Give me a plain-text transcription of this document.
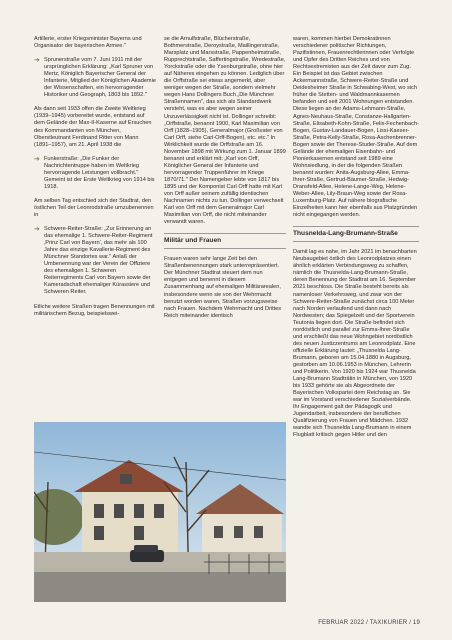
Artillerie, erster Kriegsminister Bayerns und Organisator der bayerischen Armee."

➔ Sprunerstraße vom 7. Juni 1911 mit der ursprünglichen Erklärung: „Karl Spruner von Mertz, Königlich Bayerischer General der Infanterie, Mitglied der Königlichen Akademie der Wissenschaften, ein hervorragender Historiker und Geograph, 1803 bis 1892."

Als dann seit 1933 offen die Zweite Weltkrieg (1939–1945) vorbereitet wurde, entstand auf dem Gelände der Max-II-Kaserne auf Ersuchen des Kommandanten von München, Oberstleutnant Ferdinand Ritter von Mann (1891–1957), am 21. April 1938 die

➔ Funkerstraße: „Die Funker der Nachrichtentruppe haben im Weltkrieg hervorragende Leistungen vollbracht." Gemeint ist der Erste Weltkrieg von 1914 bis 1918.

Am selben Tag entschied sich der Stadtrat, den östlichen Teil der Leonrodstraße umzubenennen in

➔ Schwere-Reiter-Straße: „Zur Erinnerung an das ehemalige 1. Schwere-Reiter-Regiment ‚Prinz Carl von Bayern', das mehr als 100 Jahre das einzige Kavallerie-Regiment des Münchner Standortes war." Anlaß der Umbenennung war der Verein der Offiziere des ehemaligen 1. Schweren Reiterregiments Carl von Bayern sowie der Kameradschaft ehemaliger Kürassiere und Schweren Reiter.

Etliche weitere Straßen tragen Benennungen mit militärischem Bezug, beispielswei-

se die Arnulfstraße, Blücherstraße, Bothmerstraße, Deroystraße, Maillingerstraße, Marsplatz und Marsstraße, Pappenheimstraße, Rupprechtstraße, Saffertingstraße, Wredestraße, Yorckstraße oder die Ysenburgstraße, ohne hier auf Näheres eingehen zu können. Lediglich über die Orffstraße sei etwas angemerkt, aber weniger wegen der Straße, sondern vielmehr wegen Hans Dollingers Buch „Die Münchner Straßennamen", das sich als Standardwerk versteht, was es aber wegen seiner Unzuverlässigkeit nicht ist. Dollinger schreibt: „Orffstraße, benannt 1900, Karl Maximilian von Orff (1828–1905), Generalmajor (Großvater von Carl Orff, siehe Carl-Orff-Bogen), etc. etc." In Wirklichkeit wurde die Orffstraße am 16. November 1898 mit Wirkung zum 1. Januar 1899 benannt und erklärt mit: „Karl von Orff, Königlicher General der Infanterie und hervorragender Truppenführer im Kriege 1870/71." Der Namengeber lebte von 1817 bis 1895 und der Komponist Carl Orff hatte mit Karl von Orff außer seinem zufällig identischen Nachnamen nichts zu tun. Dollinger verwechselt Karl von Orff mit dem Generalmajor Carl Maximilian von Orff, die nicht miteinander verwandt waren.

Militär und Frauen

Frauen waren sehr lange Zeit bei den Straßenbenennungen stark unterrepräsentiert. Der Münchner Stadtrat steuert dem nun entgegen und benennt in diesem Zusammenhang auf ehemaligen Militärarealen, insbesondere wenn sie von der Wehrmacht benutzt worden waren, Straßen vorzugsweise nach Frauen. Nachdem Wehrmacht und Drittes Reich miteinander identisch

waren, kommen hierbei Demokratinnen verschiedener politischer Richtungen, Pazifistinnen, Frauenrechtlerinnen oder Verfolgte und Opfer des Dritten Reiches und von Rechtsextremisten aus der Zeit davor zum Zug. Ein Beispiel ist das Gebiet zwischen Ackermannstraße, Schwere-Reiter-Straße und Deidesheimer Straße in Schwabing-West, wo sich früher die Stetten- und Waldmannkasernen befanden und seit 2001 Wohnungen entstanden. Diese liegen an der Adams-Lehmann-Straße, Agnes-Neuhaus-Straße, Constanze-Hallgarten-Straße, Elisabeth-Kohn-Straße, Felix-Fechenbach-Bogen, Gustav-Landauer-Bogen, Lissi-Kaeser-Straße, Petra-Kelly-Straße, Rosa-Aschenbrenner-Bogen sowie der Therese-Studer-Straße. Auf dem Gelände der ehemaligen Eisenbahn- und Pionierkasernen entstand seit 1989 eine Wohnsiedlung, in der die folgenden Straßen benannt wurden: Anita-Augsburg-Allee, Emma-Ihrer-Straße, Gertrud-Bäumer-Straße, Hedwig-Dransfeld-Allee, Helene-Lange-Weg, Helene-Weber-Allee, Lily-Braun-Weg sowie der Rosa-Luxemburg-Platz. Auf nähere biografische Einzelheiten kann hier ebenfalls aus Platzgründen nicht eingegangen werden.

Thusnelda-Lang-Brumann-Straße

Damit lag es nahe, im Jahr 2021 im benachbarten Neubaugebiet östlich des Leonrodplatzes einen ähnlich erklärten Verbindungsweg zu schaffen, nämlich die Thusnelda-Lang-Brumann-Straße, deren Benennung der Stadtrat am 16. September 2021 beschloss. Die Straße besteht bereits als namenloser Verkehrsweg, und zwar von der Schwere-Reiter-Straße zunächst circa 100 Meter nach Norden verlaufend und dann nach Nordwesten; das Spiegelzelt und der Sportverein Teutonia liegen dort. Die Straße befindet sich nordöstlich und parallel zur Emma-Ihrer-Straße und erschließt das neue Wohngebiet nordöstlich des neuen Justizzentrums am Leonrodplatz. Eine offizielle Erklärung lautet: „Thusnelda Lang-Brumann, geboren am 15.04.1880 in Augsburg, gestorben am 10.06.1953 in München, Lehrerin und Politikerin. Von 1920 bis 1924 war Thusnelda Lang-Brumann Stadträtin in München, von 1920 bis 1933 gehörte sie als Abgeordnete der Bayerischen Volkspartei dem Reichstag an. Sie war im Vorstand verschiedener Sozialverbände. Ihr Engagement galt der Pädagogik und Jugendarbeit, insbesondere der beruflichen Qualifizierung von Frauen und Mädchen. 1932 wandte sich Thusnelda Lang-Brumann in einem Flugblatt kritisch gegen Hitler und den

FEBRUAR 2022 / TAXIKURIER / 19
